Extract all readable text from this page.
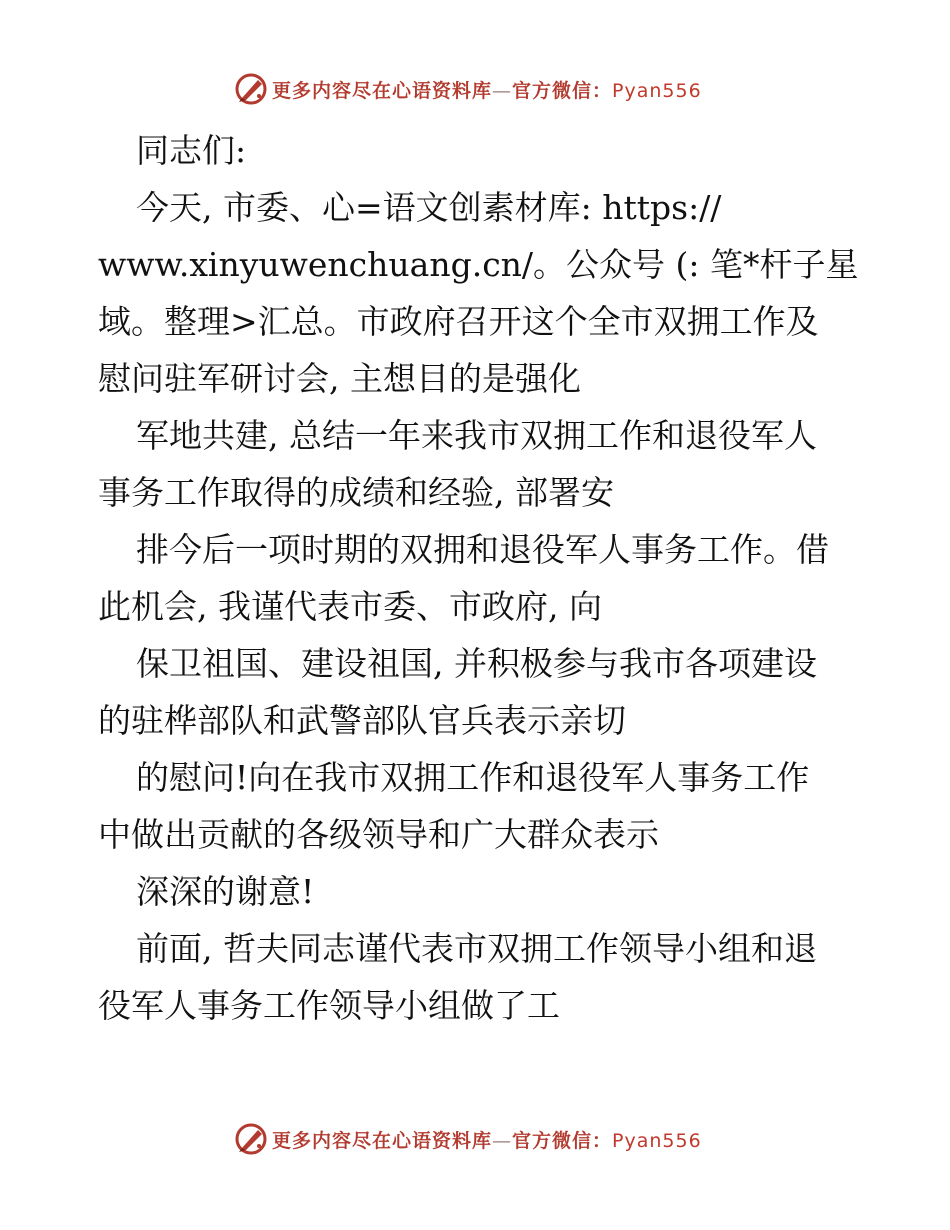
更多内容尽在心语资料库—官方微信：Pyan556
同志们:
今天, 市委、心=语文创素材库: https://
www.xinyuwenchuang.cn/。公众号 (: 笔*杆子星
域。整理>汇总。市政府召开这个全市双拥工作及
慰问驻军研讨会, 主想目的是强化
军地共建, 总结一年来我市双拥工作和退役军人
事务工作取得的成绩和经验, 部署安
排今后一项时期的双拥和退役军人事务工作。借
此机会, 我谨代表市委、市政府, 向
保卫祖国、建设祖国, 并积极参与我市各项建设
的驻桦部队和武警部队官兵表示亲切
的慰问!向在我市双拥工作和退役军人事务工作
中做出贡献的各级领导和广大群众表示
深深的谢意!
前面, 哲夫同志谨代表市双拥工作领导小组和退
役军人事务工作领导小组做了工
更多内容尽在心语资料库—官方微信：Pyan556
